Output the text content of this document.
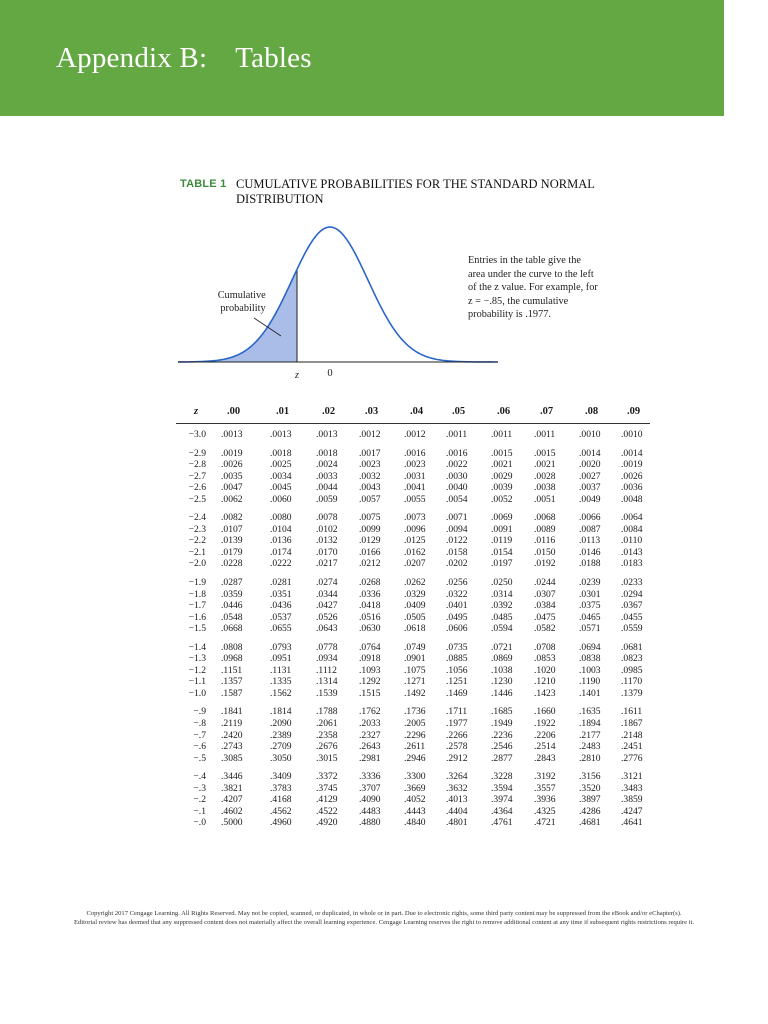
Appendix B: Tables
TABLE 1 CUMULATIVE PROBABILITIES FOR THE STANDARD NORMAL DISTRIBUTION
Cumulative probability
z	0
Entries in the table give the area under the curve to the left of the z value. For example, for z = −.85, the cumulative probability is .1977.
z	.00	.01	.02	.03	.04	.05	.06	.07	.08	.09
−3.0 .0013	.0013	.0013 .0012 .0012 .0011 .0011 .0011 .0010 .0010
−2.9 .0019	.0018	.0018 .0017 .0016 .0016 .0015 .0015 .0014 .0014
−2.8 .0026	.0025	.0024 .0023 .0023 .0022 .0021 .0021 .0020 .0019
−2.7 .0035	.0034	.0033 .0032 .0031 .0030 .0029 .0028 .0027 .0026
−2.6 .0047	.0045	.0044 .0043 .0041 .0040 .0039 .0038 .0037 .0036
−2.5 .0062	.0060	.0059 .0057 .0055 .0054 .0052 .0051 .0049 .0048
−2.4 .0082	.0080	.0078 .0075 .0073 .0071 .0069 .0068 .0066 .0064
−2.3 .0107	.0104	.0102 .0099 .0096 .0094 .0091 .0089 .0087 .0084
−2.2 .0139	.0136	.0132 .0129 .0125 .0122 .0119 .0116 .0113 .0110
−2.1 .0179	.0174	.0170 .0166 .0162 .0158 .0154 .0150 .0146 .0143
−2.0 .0228	.0222	.0217 .0212 .0207 .0202 .0197 .0192 .0188 .0183
−1.9 .0287	.0281	.0274 .0268 .0262 .0256 .0250 .0244 .0239 .0233
−1.8 .0359	.0351	.0344 .0336 .0329 .0322 .0314 .0307 .0301 .0294
−1.7 .0446	.0436	.0427 .0418 .0409 .0401 .0392 .0384 .0375 .0367
−1.6 .0548	.0537	.0526 .0516 .0505 .0495 .0485 .0475 .0465 .0455
−1.5 .0668	.0655	.0643 .0630 .0618 .0606 .0594 .0582 .0571 .0559
−1.4 .0808	.0793	.0778 .0764 .0749 .0735 .0721 .0708 .0694 .0681
−1.3 .0968	.0951	.0934 .0918 .0901 .0885 .0869 .0853 .0838 .0823
−1.2 .1151	.1131	.1112 .1093 .1075 .1056 .1038 .1020 .1003 .0985
−1.1 .1357	.1335	.1314 .1292 .1271 .1251 .1230 .1210 .1190 .1170
−1.0 .1587	.1562	.1539 .1515 .1492 .1469 .1446 .1423 .1401 .1379
−.9 .1841	.1814	.1788 .1762 .1736 .1711 .1685 .1660 .1635 .1611
−.8 .2119	.2090	.2061 .2033 .2005 .1977 .1949 .1922 .1894 .1867
−.7 .2420	.2389	.2358 .2327 .2296 .2266 .2236 .2206 .2177 .2148
−.6 .2743	.2709	.2676 .2643 .2611 .2578 .2546 .2514 .2483 .2451
−.5 .3085	.3050	.3015 .2981 .2946 .2912 .2877 .2843 .2810 .2776
−.4 .3446	.3409	.3372 .3336 .3300 .3264 .3228 .3192 .3156 .3121
−.3 .3821	.3783	.3745 .3707 .3669 .3632 .3594 .3557 .3520 .3483
−.2 .4207	.4168	.4129 .4090 .4052 .4013 .3974 .3936 .3897 .3859
−.1 .4602	.4562	.4522 .4483 .4443 .4404 .4364 .4325 .4286 .4247
−.0 .5000	.4960	.4920 .4880 .4840 .4801 .4761 .4721 .4681 .4641
Copyright 2017 Cengage Learning. All Rights Reserved. May not be copied, scanned, or duplicated, in whole or in part. Due to electronic rights, some third party content may be suppressed from the eBook and/or eChapter(s).
Editorial review has deemed that any suppressed content does not materially affect the overall learning experience. Cengage Learning reserves the right to remove additional content at any time if subsequent rights restrictions require it.
